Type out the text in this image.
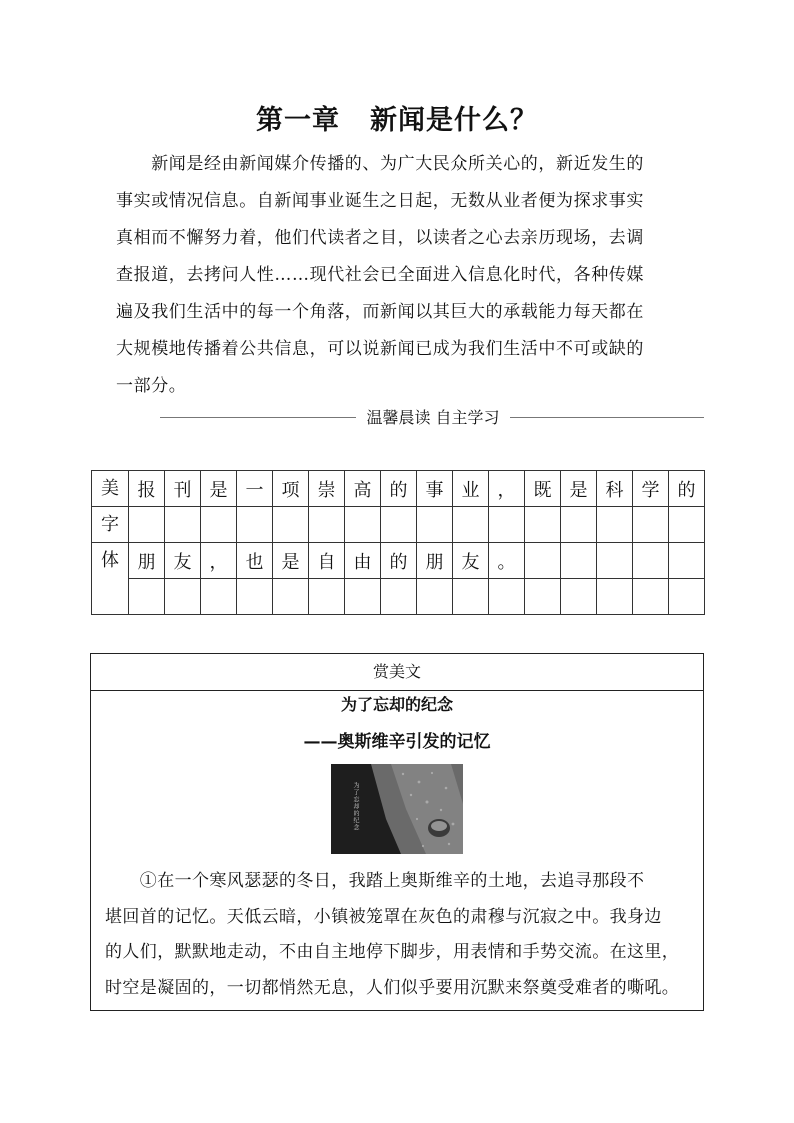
第一章 新闻是什么？
　　新闻是经由新闻媒介传播的、为广大民众所关心的，新近发生的
事实或情况信息。自新闻事业诞生之日起，无数从业者便为探求事实
真相而不懈努力着，他们代读者之目，以读者之心去亲历现场，去调
查报道，去拷问人性……现代社会已全面进入信息化时代，各种传媒
遍及我们生活中的每一个角落，而新闻以其巨大的承载能力每天都在
大规模地传播着公共信息，可以说新闻已成为我们生活中不可或缺的
一部分。
温馨晨读 自主学习
美	报	刊	是	一	项	崇	高	的	事	业	，	既	是	科	学	的
字																
体	朋	友	，	也	是	自	由	的	朋	友	。					

赏美文
为了忘却的纪念
——奥斯维辛引发的记忆
为了忘却的纪念
　　①在一个寒风瑟瑟的冬日，我踏上奥斯维辛的土地，去追寻那段不
堪回首的记忆。天低云暗，小镇被笼罩在灰色的肃穆与沉寂之中。我身边
的人们，默默地走动，不由自主地停下脚步，用表情和手势交流。在这里，
时空是凝固的，一切都悄然无息，人们似乎要用沉默来祭奠受难者的嘶吼。
